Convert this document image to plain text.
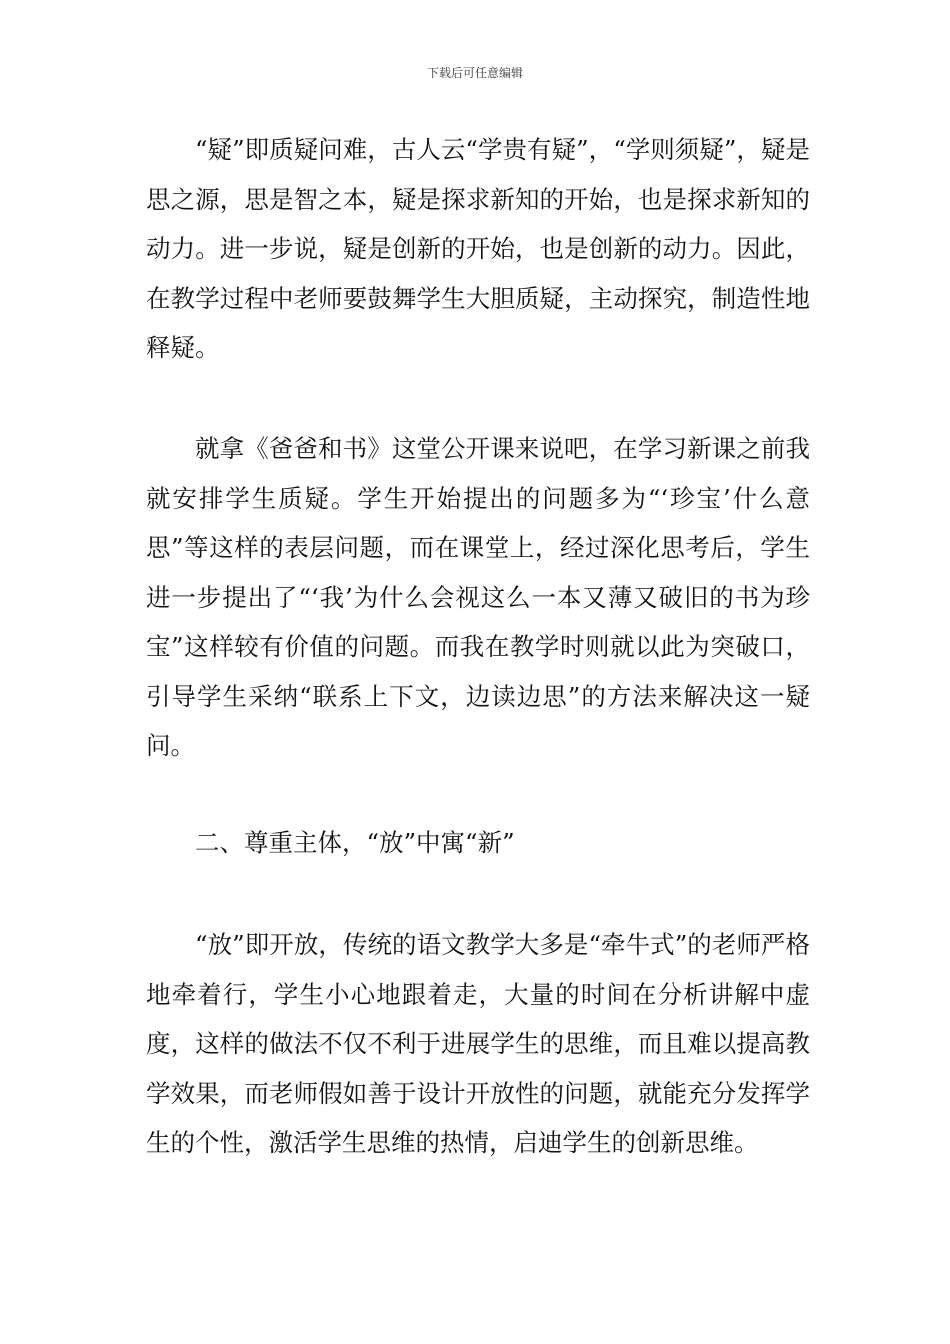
下载后可任意编辑

“疑”即质疑问难，古人云“学贵有疑”，“学则须疑”，疑是思之源，思是智之本，疑是探求新知的开始，也是探求新知的动力。进一步说，疑是创新的开始，也是创新的动力。因此，在教学过程中老师要鼓舞学生大胆质疑，主动探究，制造性地释疑。

就拿《爸爸和书》这堂公开课来说吧，在学习新课之前我就安排学生质疑。学生开始提出的问题多为“‘珍宝’什么意思”等这样的表层问题，而在课堂上，经过深化思考后，学生进一步提出了“‘我’为什么会视这么一本又薄又破旧的书为珍宝”这样较有价值的问题。而我在教学时则就以此为突破口，引导学生采纳“联系上下文，边读边思”的方法来解决这一疑问。

二、尊重主体，“放”中寓“新”

“放”即开放，传统的语文教学大多是“牵牛式”的老师严格地牵着行，学生小心地跟着走，大量的时间在分析讲解中虚度，这样的做法不仅不利于进展学生的思维，而且难以提高教学效果，而老师假如善于设计开放性的问题，就能充分发挥学生的个性，激活学生思维的热情，启迪学生的创新思维。
